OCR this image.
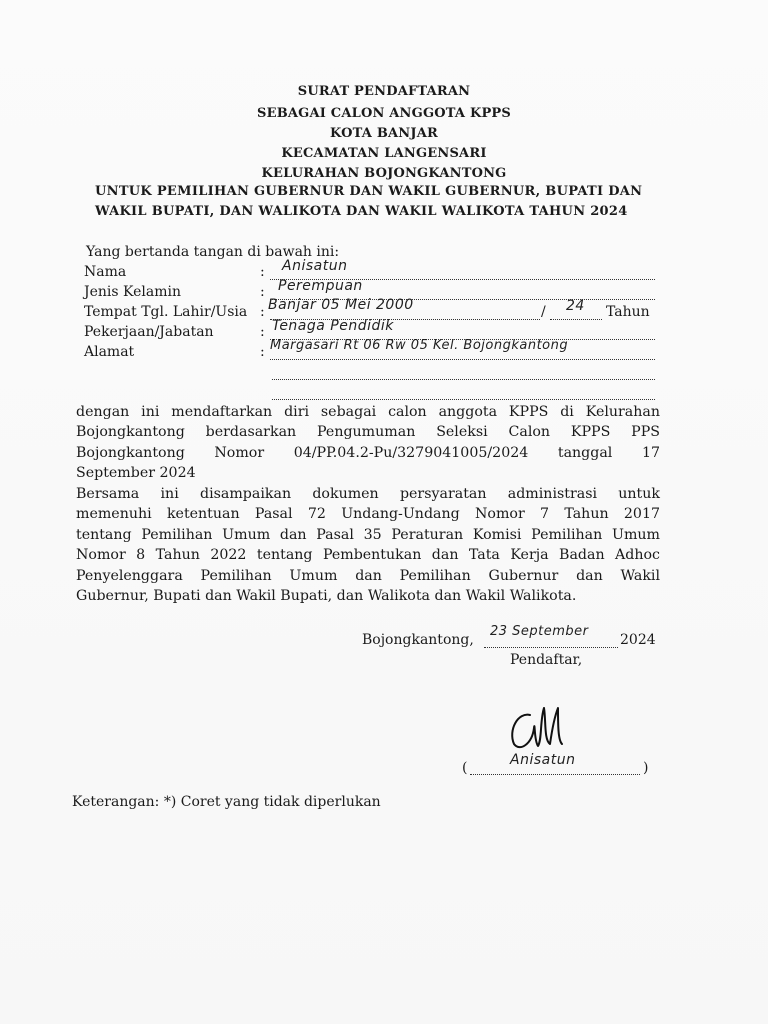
SURAT PENDAFTARAN
SEBAGAI CALON ANGGOTA KPPS
KOTA BANJAR
KECAMATAN LANGENSARI
KELURAHAN BOJONGKANTONG
UNTUK PEMILIHAN GUBERNUR DAN WAKIL GUBERNUR, BUPATI DAN
WAKIL BUPATI, DAN WALIKOTA DAN WAKIL WALIKOTA TAHUN 2024
Yang bertanda tangan di bawah ini:
Nama	: Anisatun
Jenis Kelamin	: Perempuan
Tempat Tgl. Lahir/Usia : Banjar 05 Mei 2000	/ 24 Tahun
Pekerjaan/Jabatan	: Tenaga Pendidik
Alamat	: Margasari Rt 06 Rw 05 Kel. Bojongkantong
dengan ini mendaftarkan diri sebagai calon anggota KPPS di Kelurahan
Bojongkantong berdasarkan Pengumuman Seleksi Calon KPPS PPS
Bojongkantong Nomor 04/PP.04.2-Pu/3279041005/2024 tanggal 17
September 2024
Bersama ini disampaikan dokumen persyaratan administrasi untuk
memenuhi ketentuan Pasal 72 Undang-Undang Nomor 7 Tahun 2017
tentang Pemilihan Umum dan Pasal 35 Peraturan Komisi Pemilihan Umum
Nomor 8 Tahun 2022 tentang Pembentukan dan Tata Kerja Badan Adhoc
Penyelenggara Pemilihan Umum dan Pemilihan Gubernur dan Wakil
Gubernur, Bupati dan Wakil Bupati, dan Walikota dan Wakil Walikota.
Bojongkantong,
23 September
2024
Pendaftar,
(	Anisatun	)
Keterangan: *) Coret yang tidak diperlukan
